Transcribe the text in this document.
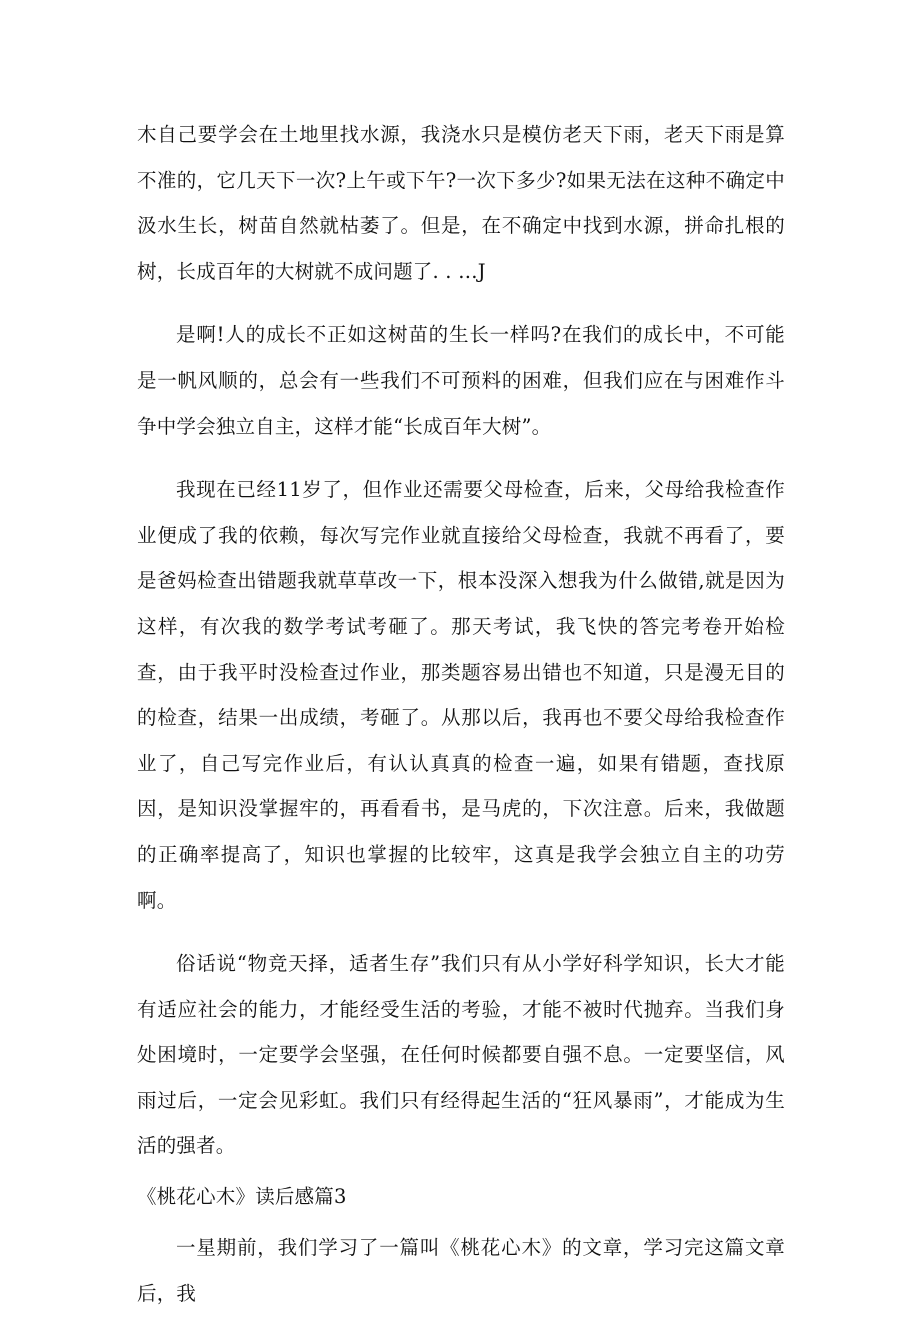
木自己要学会在土地里找水源，我浇水只是模仿老天下雨，老天下雨是算不准的，它几天下一次?上午或下午?一次下多少?如果无法在这种不确定中汲水生长，树苗自然就枯萎了。但是，在不确定中找到水源，拼命扎根的树，长成百年的大树就不成问题了. . …J

是啊!人的成长不正如这树苗的生长一样吗?在我们的成长中，不可能是一帆风顺的，总会有一些我们不可预料的困难，但我们应在与困难作斗争中学会独立自主，这样才能“长成百年大树”。

我现在已经11岁了，但作业还需要父母检查，后来，父母给我检查作业便成了我的依赖，每次写完作业就直接给父母检查，我就不再看了，要是爸妈检查出错题我就草草改一下，根本没深入想我为什么做错,就是因为这样，有次我的数学考试考砸了。那天考试，我飞快的答完考卷开始检查，由于我平时没检查过作业，那类题容易出错也不知道，只是漫无目的的检查，结果一出成绩，考砸了。从那以后，我再也不要父母给我检查作业了，自己写完作业后，有认认真真的检查一遍，如果有错题，查找原因，是知识没掌握牢的，再看看书，是马虎的，下次注意。后来，我做题的正确率提高了，知识也掌握的比较牢，这真是我学会独立自主的功劳啊。

俗话说“物竞天择，适者生存”我们只有从小学好科学知识，长大才能有适应社会的能力，才能经受生活的考验，才能不被时代抛弃。当我们身处困境时，一定要学会坚强，在任何时候都要自强不息。一定要坚信，风雨过后，一定会见彩虹。我们只有经得起生活的“狂风暴雨”，才能成为生活的强者。

《桃花心木》读后感篇3

一星期前，我们学习了一篇叫《桃花心木》的文章，学习完这篇文章后，我
